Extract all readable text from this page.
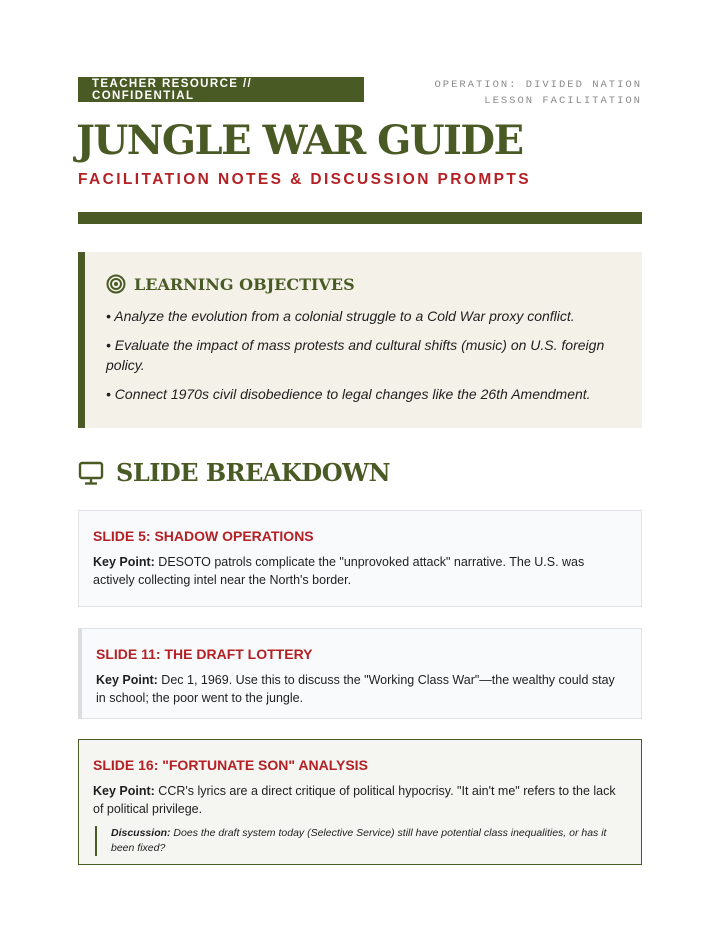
TEACHER RESOURCE // CONFIDENTIAL
OPERATION: DIVIDED NATION
LESSON FACILITATION
JUNGLE WAR GUIDE
FACILITATION NOTES & DISCUSSION PROMPTS
LEARNING OBJECTIVES
• Analyze the evolution from a colonial struggle to a Cold War proxy conflict.
• Evaluate the impact of mass protests and cultural shifts (music) on U.S. foreign policy.
• Connect 1970s civil disobedience to legal changes like the 26th Amendment.
SLIDE BREAKDOWN
SLIDE 5: SHADOW OPERATIONS

Key Point: DESOTO patrols complicate the "unprovoked attack" narrative. The U.S. was actively collecting intel near the North's border.

SLIDE 11: THE DRAFT LOTTERY

Key Point: Dec 1, 1969. Use this to discuss the "Working Class War"—the wealthy could stay in school; the poor went to the jungle.

SLIDE 16: "FORTUNATE SON" ANALYSIS

Key Point: CCR's lyrics are a direct critique of political hypocrisy. "It ain't me" refers to the lack of political privilege.

Discussion: Does the draft system today (Selective Service) still have potential class inequalities, or has it been fixed?
